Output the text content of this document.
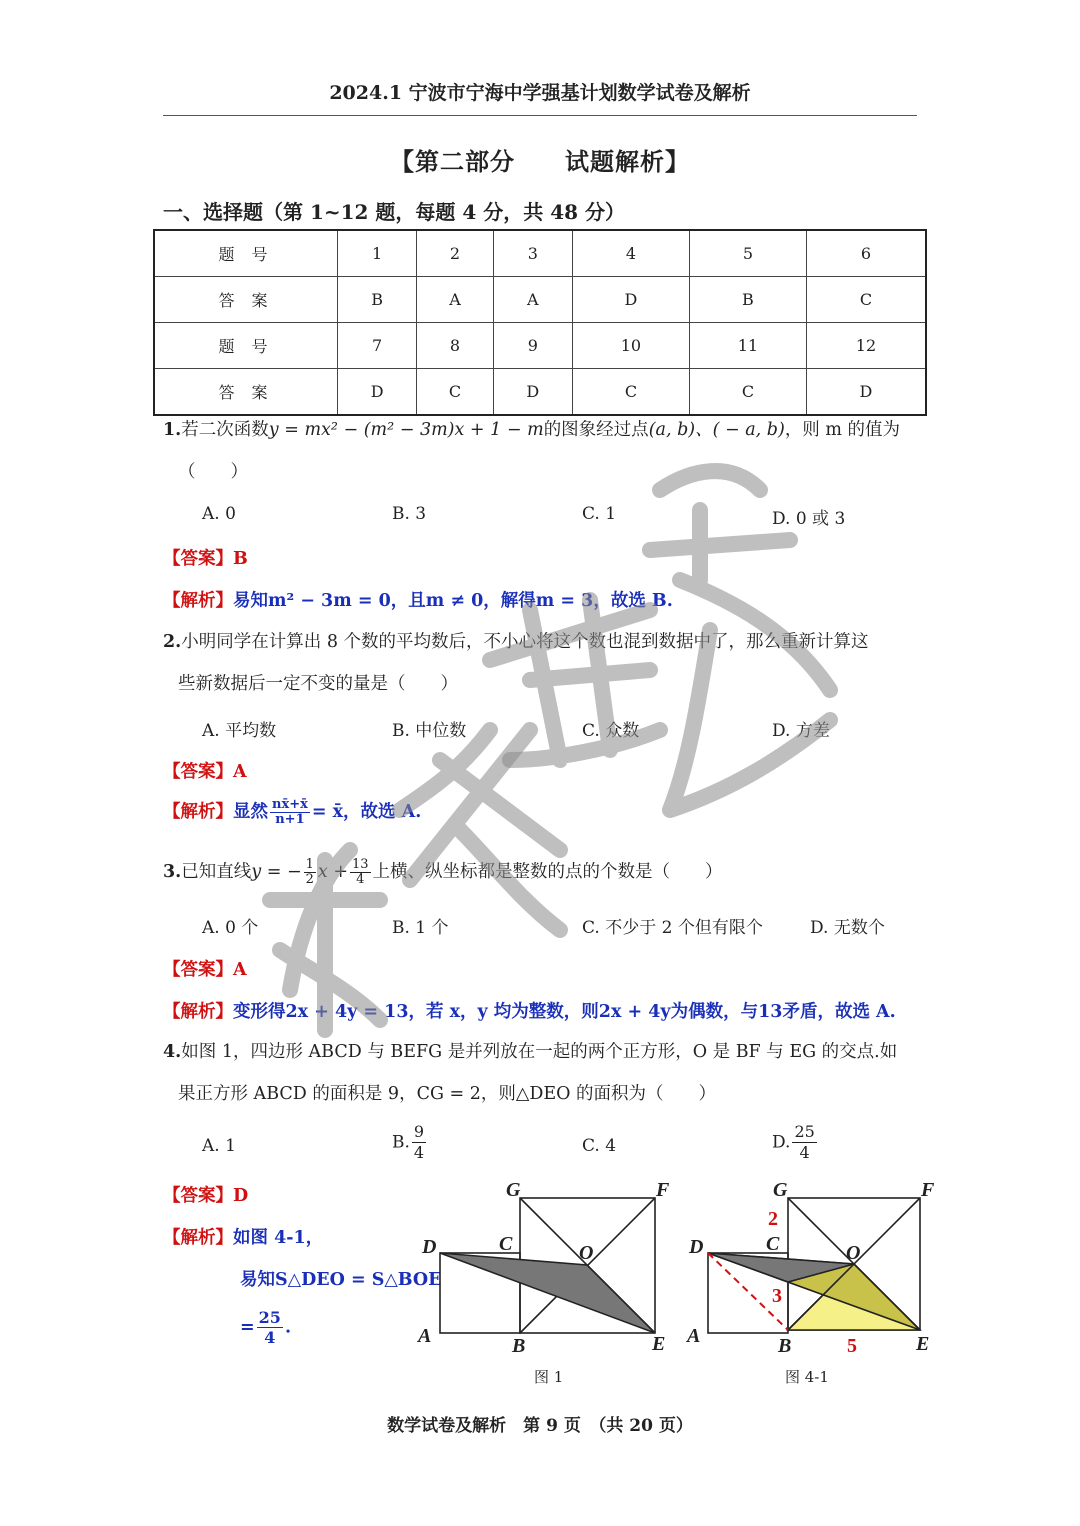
2024.1 宁波市宁海中学强基计划数学试卷及解析
【第二部分　　试题解析】
一、选择题（第 1~12 题，每题 4 分，共 48 分）
题 号	1	2	3	4	5	6
答 案	B	A	A	D	B	C
题 号	7	8	9	10	11	12
答 案	D	C	D	C	C	D
1.若二次函数y = mx² − (m² − 3m)x + 1 − m的图象经过点(a, b)、( − a, b)，则 m 的值为
（　　）
A. 0	B. 3	C. 1	D. 0 或 3
【答案】B
【解析】易知m² − 3m = 0，且m ≠ 0，解得m = 3，故选 B.
2.小明同学在计算出 8 个数的平均数后，不小心将这个数也混到数据中了，那么重新计算这
些新数据后一定不变的量是（　　）
A. 平均数	B. 中位数	C. 众数	D. 方差
【答案】A
【解析】显然 $\frac{nx̄+x̄}{n+1}$ = x̄，故选 A.
3.已知直线y = − $\frac{1}{2}$ $x + \frac{13}{4}$ 上横、纵坐标都是整数的点的个数是（　　）
A. 0 个	B. 1 个	C. 不少于 2 个但有限个	D. 无数个
【答案】A
【解析】变形得2x + 4y = 13，若 x，y 均为整数，则2x + 4y为偶数，与13矛盾，故选 A.
4.如图 1，四边形 ABCD 与 BEFG 是并列放在一起的两个正方形，O 是 BF 与 EG 的交点.如
果正方形 ABCD 的面积是 9，CG = 2，则△DEO 的面积为（　　）
A. 1	B. $\frac{9}{4}$	C. 4	D. $\frac{25}{4}$
【答案】D
【解析】如图 4-1，
易知S△DEO = S△BOE
= $\frac{25}{4}$ .
G	F
D	C	O
A	B	E
图 1
G	F
D	C	O
A	B	E
2
3
5
图 4-1
数学试卷及解析　第 9 页　（共 20 页）
